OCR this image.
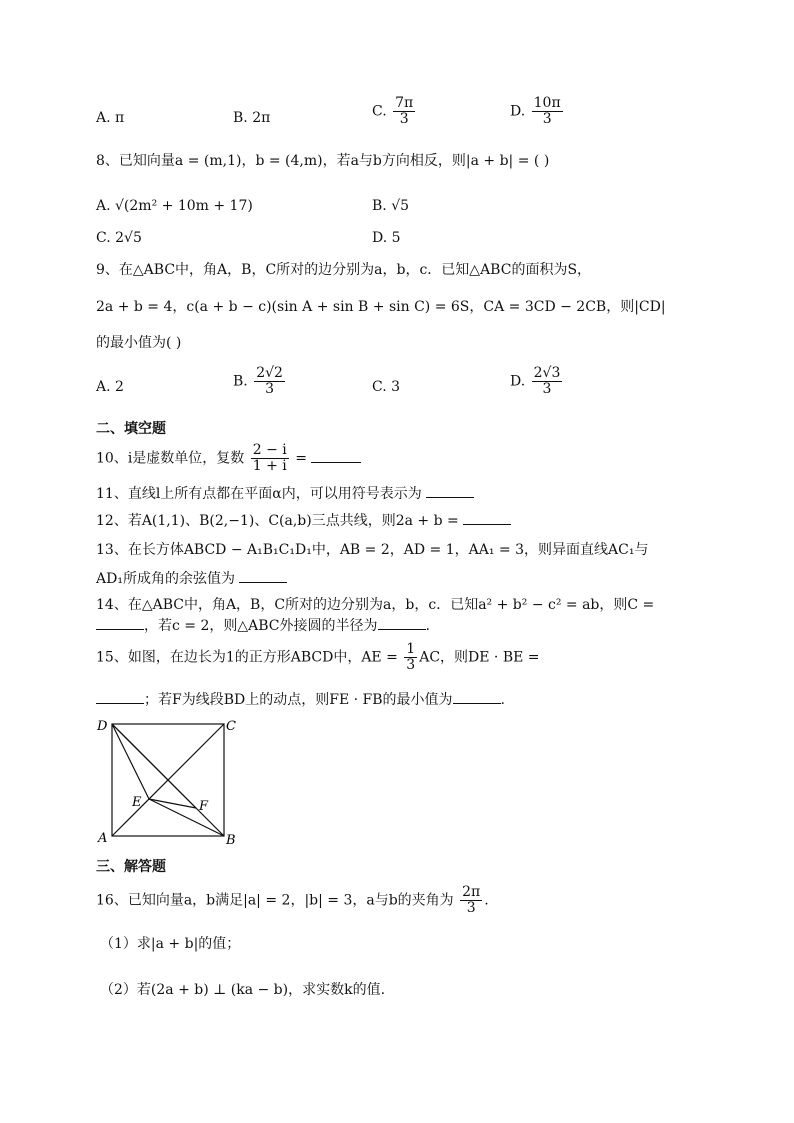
A. π	B. 2π	C. $\frac{7\pi}{3}$	D. $\frac{10\pi}{3}$
8、已知向量a = (m,1)，b = (4,m)，若a与b方向相反，则|a + b| = ( )
A. √(2m² + 10m + 17)	B. √5
C. 2√5	D. 5
9、在△ABC中，角A，B，C所对的边分别为a，b，c．已知△ABC的面积为S，
2a + b = 4，c(a + b − c)(sin A + sin B + sin C) = 6S，CA = 3CD − 2CB，则|CD|
的最小值为( )
A. 2	B. $\frac{2√2}{3}$	C. 3	D. $\frac{2√3}{3}$
二、填空题
10、i是虚数单位，复数 $\frac{2 - i}{1 + i}$ =
11、直线l上所有点都在平面α内，可以用符号表示为
12、若A(1,1)、B(2,−1)、C(a,b)三点共线，则2a + b =
13、在长方体ABCD − A₁B₁C₁D₁中，AB = 2，AD = 1，AA₁ = 3，则异面直线AC₁与
AD₁所成角的余弦值为
14、在△ABC中，角A，B，C所对的边分别为a，b，c．已知a² + b² − c² = ab，则C =
，若c = 2，则△ABC外接圆的半径为	.
15、如图，在边长为1的正方形ABCD中，AE = $\frac{1}{3}$ AC，则DE · BE =
；若F为线段BD上的动点，则FE · FB的最小值为	.
D	C
A	B
E	F
三、解答题
16、已知向量a，b满足|a| = 2，|b| = 3，a与b的夹角为 $\frac{2\pi}{3}$ .
（1）求|a + b|的值；
（2）若(2a + b) ⊥ (ka − b)，求实数k的值.
